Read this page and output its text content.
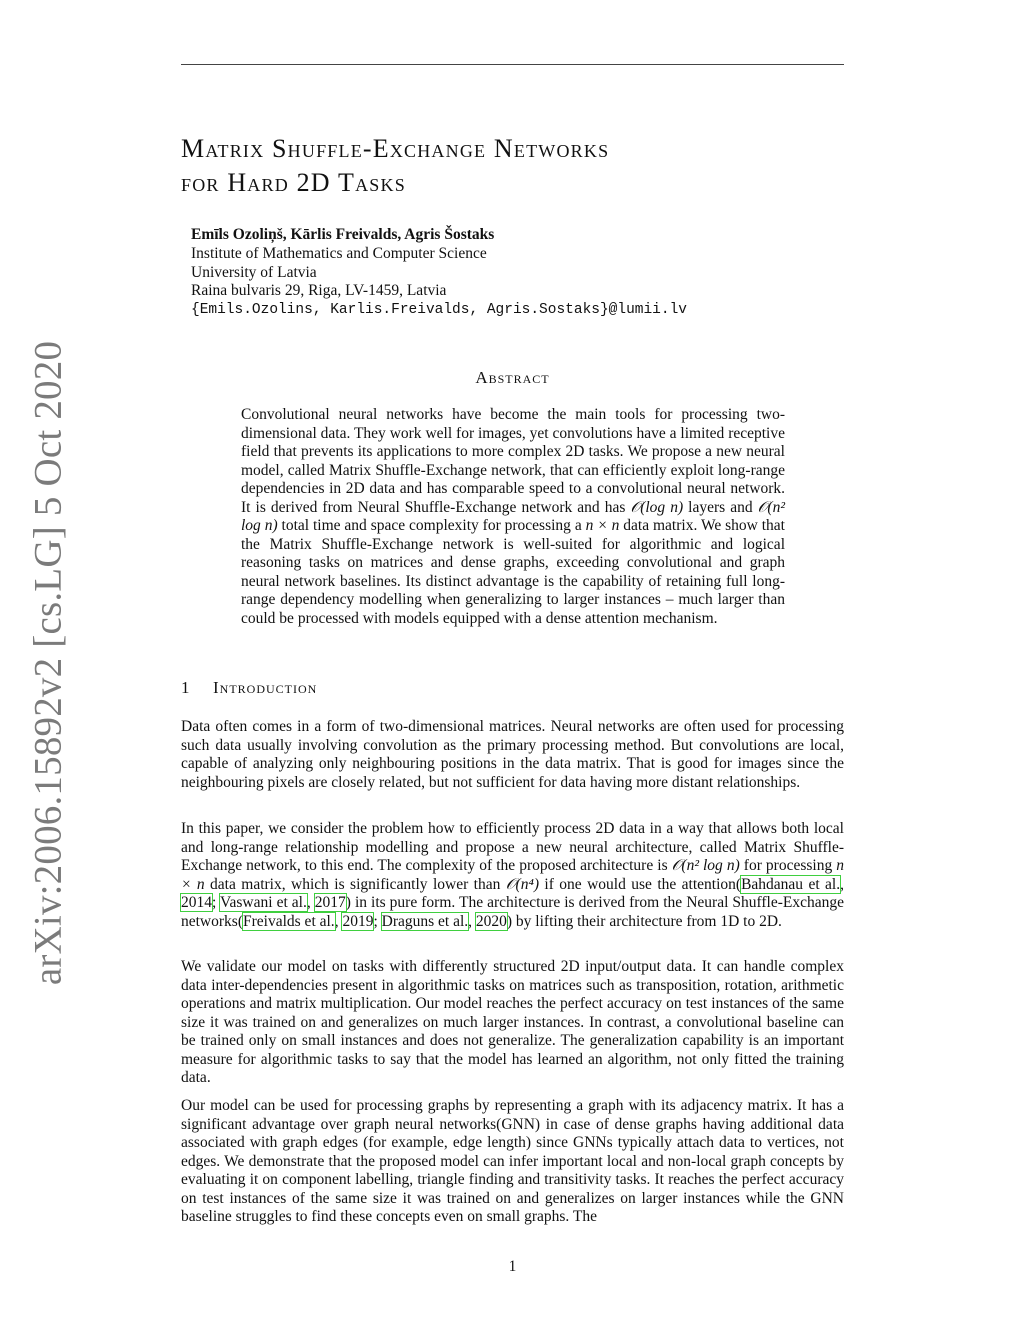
arXiv:2006.15892v2 [cs.LG] 5 Oct 2020
Matrix Shuffle-Exchange Networks
for Hard 2D Tasks
Emīls Ozoliņš, Kārlis Freivalds, Agris Šostaks
Institute of Mathematics and Computer Science
University of Latvia
Raina bulvaris 29, Riga, LV-1459, Latvia
{Emils.Ozolins, Karlis.Freivalds, Agris.Sostaks}@lumii.lv
Abstract
Convolutional neural networks have become the main tools for processing two-dimensional data. They work well for images, yet convolutions have a limited receptive field that prevents its applications to more complex 2D tasks. We propose a new neural model, called Matrix Shuffle-Exchange network, that can efficiently exploit long-range dependencies in 2D data and has comparable speed to a convolutional neural network. It is derived from Neural Shuffle-Exchange network and has 𝒪(log n) layers and 𝒪(n² log n) total time and space complexity for processing a n × n data matrix. We show that the Matrix Shuffle-Exchange network is well-suited for algorithmic and logical reasoning tasks on matrices and dense graphs, exceeding convolutional and graph neural network baselines. Its distinct advantage is the capability of retaining full long-range dependency modelling when generalizing to larger instances – much larger than could be processed with models equipped with a dense attention mechanism.
1 Introduction
Data often comes in a form of two-dimensional matrices. Neural networks are often used for processing such data usually involving convolution as the primary processing method. But convolutions are local, capable of analyzing only neighbouring positions in the data matrix. That is good for images since the neighbouring pixels are closely related, but not sufficient for data having more distant relationships.
In this paper, we consider the problem how to efficiently process 2D data in a way that allows both local and long-range relationship modelling and propose a new neural architecture, called Matrix Shuffle-Exchange network, to this end. The complexity of the proposed architecture is 𝒪(n² log n) for processing n × n data matrix, which is significantly lower than 𝒪(n⁴) if one would use the attention(Bahdanau et al., 2014; Vaswani et al., 2017) in its pure form. The architecture is derived from the Neural Shuffle-Exchange networks(Freivalds et al., 2019; Draguns et al., 2020) by lifting their architecture from 1D to 2D.
We validate our model on tasks with differently structured 2D input/output data. It can handle complex data inter-dependencies present in algorithmic tasks on matrices such as transposition, rotation, arithmetic operations and matrix multiplication. Our model reaches the perfect accuracy on test instances of the same size it was trained on and generalizes on much larger instances. In contrast, a convolutional baseline can be trained only on small instances and does not generalize. The generalization capability is an important measure for algorithmic tasks to say that the model has learned an algorithm, not only fitted the training data.
Our model can be used for processing graphs by representing a graph with its adjacency matrix. It has a significant advantage over graph neural networks(GNN) in case of dense graphs having additional data associated with graph edges (for example, edge length) since GNNs typically attach data to vertices, not edges. We demonstrate that the proposed model can infer important local and non-local graph concepts by evaluating it on component labelling, triangle finding and transitivity tasks. It reaches the perfect accuracy on test instances of the same size it was trained on and generalizes on larger instances while the GNN baseline struggles to find these concepts even on small graphs. The
1
